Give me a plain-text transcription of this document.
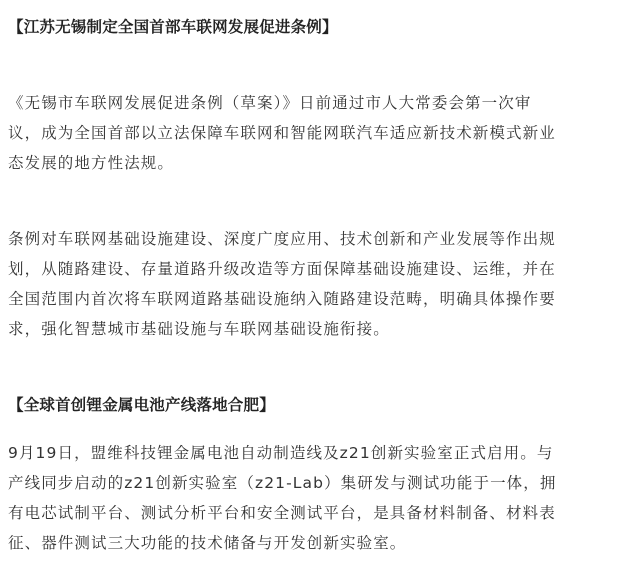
【江苏无锡制定全国首部车联网发展促进条例】
《无锡市车联网发展促进条例（草案）》日前通过市人大常委会第一次审
议，成为全国首部以立法保障车联网和智能网联汽车适应新技术新模式新业
态发展的地方性法规。
条例对车联网基础设施建设、深度广度应用、技术创新和产业发展等作出规
划，从随路建设、存量道路升级改造等方面保障基础设施建设、运维，并在
全国范围内首次将车联网道路基础设施纳入随路建设范畴，明确具体操作要
求，强化智慧城市基础设施与车联网基础设施衔接。
【全球首创锂金属电池产线落地合肥】
9月19日，盟维科技锂金属电池自动制造线及z21创新实验室正式启用。与
产线同步启动的z21创新实验室（z21-Lab）集研发与测试功能于一体，拥
有电芯试制平台、测试分析平台和安全测试平台，是具备材料制备、材料表
征、器件测试三大功能的技术储备与开发创新实验室。
